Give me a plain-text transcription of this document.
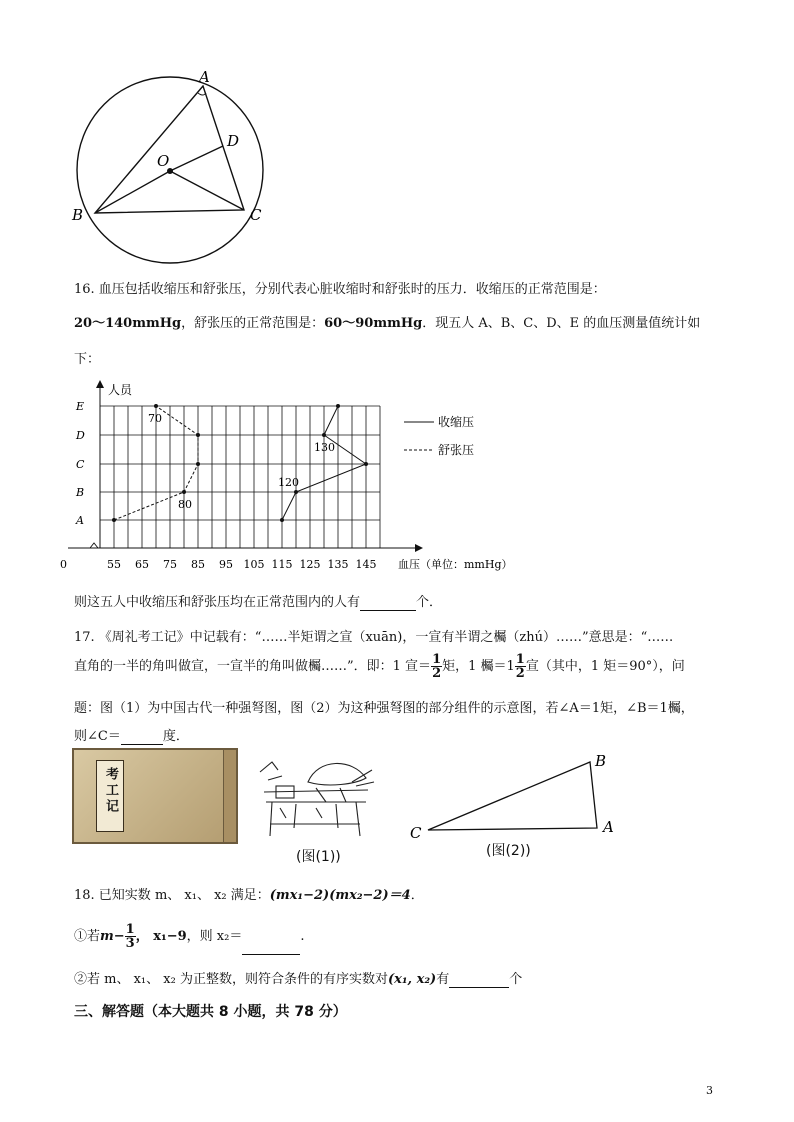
A
B	C
D
O
16. 血压包括收缩压和舒张压，分别代表心脏收缩时和舒张时的压力．收缩压的正常范围是：
20～140mmHg，舒张压的正常范围是：60～90mmHg．现五人 A、B、C、D、E 的血压测量值统计如
下：
人员
血压（单位：mmHg）
0
A
B
C
D
E
55 65 75 85 95 105 115 125 135 145
70
80
120
130
收缩压
舒张压
则这五人中收缩压和舒张压均在正常范围内的人有	个．
17. 《周礼考工记》中记载有：“……半矩谓之宣（xuān)，一宣有半谓之欘（zhú）……”意思是：“……
直角的一半的角叫做宣，一宣半的角叫做欘……”．即：1 宣＝ $\frac{1}{2}$ 矩，1 欘$=1 \frac{1}{2}$ 宣（其中，1 矩＝90°），问
题：图（1）为中国古代一种强弩图，图（2）为这种强弩图的部分组件的示意图，若∠A＝1矩，∠B＝1欘，
则∠C＝	度．
考工记
(图(1))
C
B
A
(图(2))
18. 已知实数 m、 x₁、 x₂ 满足：(mx₁−2)(mx₂−2)＝4．
①若$m- \frac{1}{3}$ ， x₁−9，则 x₂＝	.
②若 m、 x₁、 x₂ 为正整数，则符合条件的有序实数对(x₁, x₂)有	个
三、解答题（本大题共 8 小题，共 78 分）
3
